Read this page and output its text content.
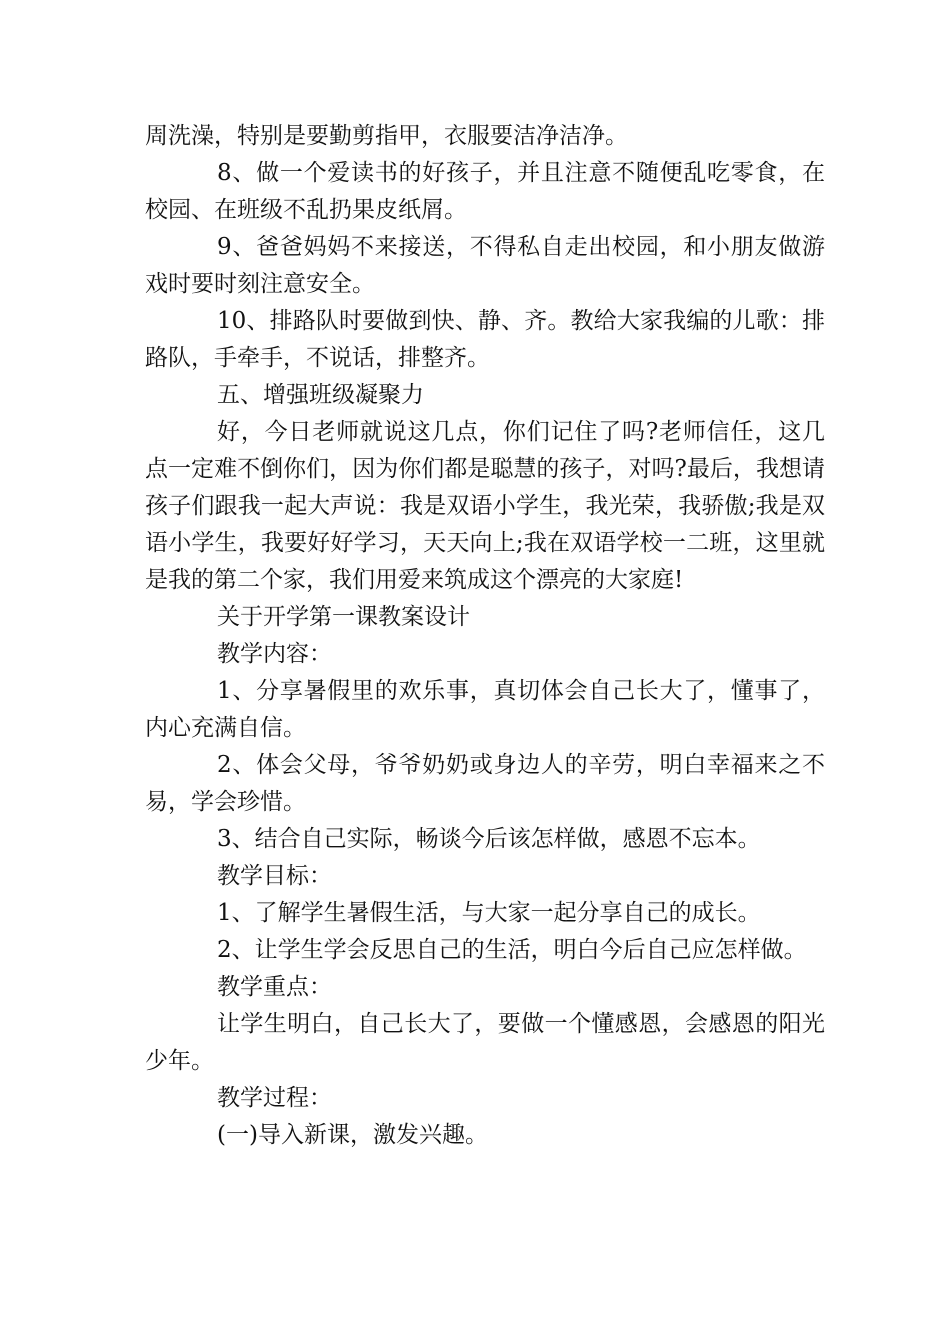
周洗澡，特别是要勤剪指甲，衣服要洁净洁净。

8、做一个爱读书的好孩子，并且注意不随便乱吃零食，在校园、在班级不乱扔果皮纸屑。

9、爸爸妈妈不来接送，不得私自走出校园，和小朋友做游戏时要时刻注意安全。

10、排路队时要做到快、静、齐。教给大家我编的儿歌：排路队，手牵手，不说话，排整齐。

五、增强班级凝聚力

好，今日老师就说这几点，你们记住了吗?老师信任，这几点一定难不倒你们，因为你们都是聪慧的孩子，对吗?最后，我想请孩子们跟我一起大声说：我是双语小学生，我光荣，我骄傲;我是双语小学生，我要好好学习，天天向上;我在双语学校一二班，这里就是我的第二个家，我们用爱来筑成这个漂亮的大家庭!

关于开学第一课教案设计

教学内容：

1、分享暑假里的欢乐事，真切体会自己长大了，懂事了，内心充满自信。

2、体会父母，爷爷奶奶或身边人的辛劳，明白幸福来之不易，学会珍惜。

3、结合自己实际，畅谈今后该怎样做，感恩不忘本。

教学目标：

1、了解学生暑假生活，与大家一起分享自己的成长。

2、让学生学会反思自己的生活，明白今后自己应怎样做。

教学重点：

让学生明白，自己长大了，要做一个懂感恩，会感恩的阳光少年。

教学过程：

(一)导入新课，激发兴趣。
